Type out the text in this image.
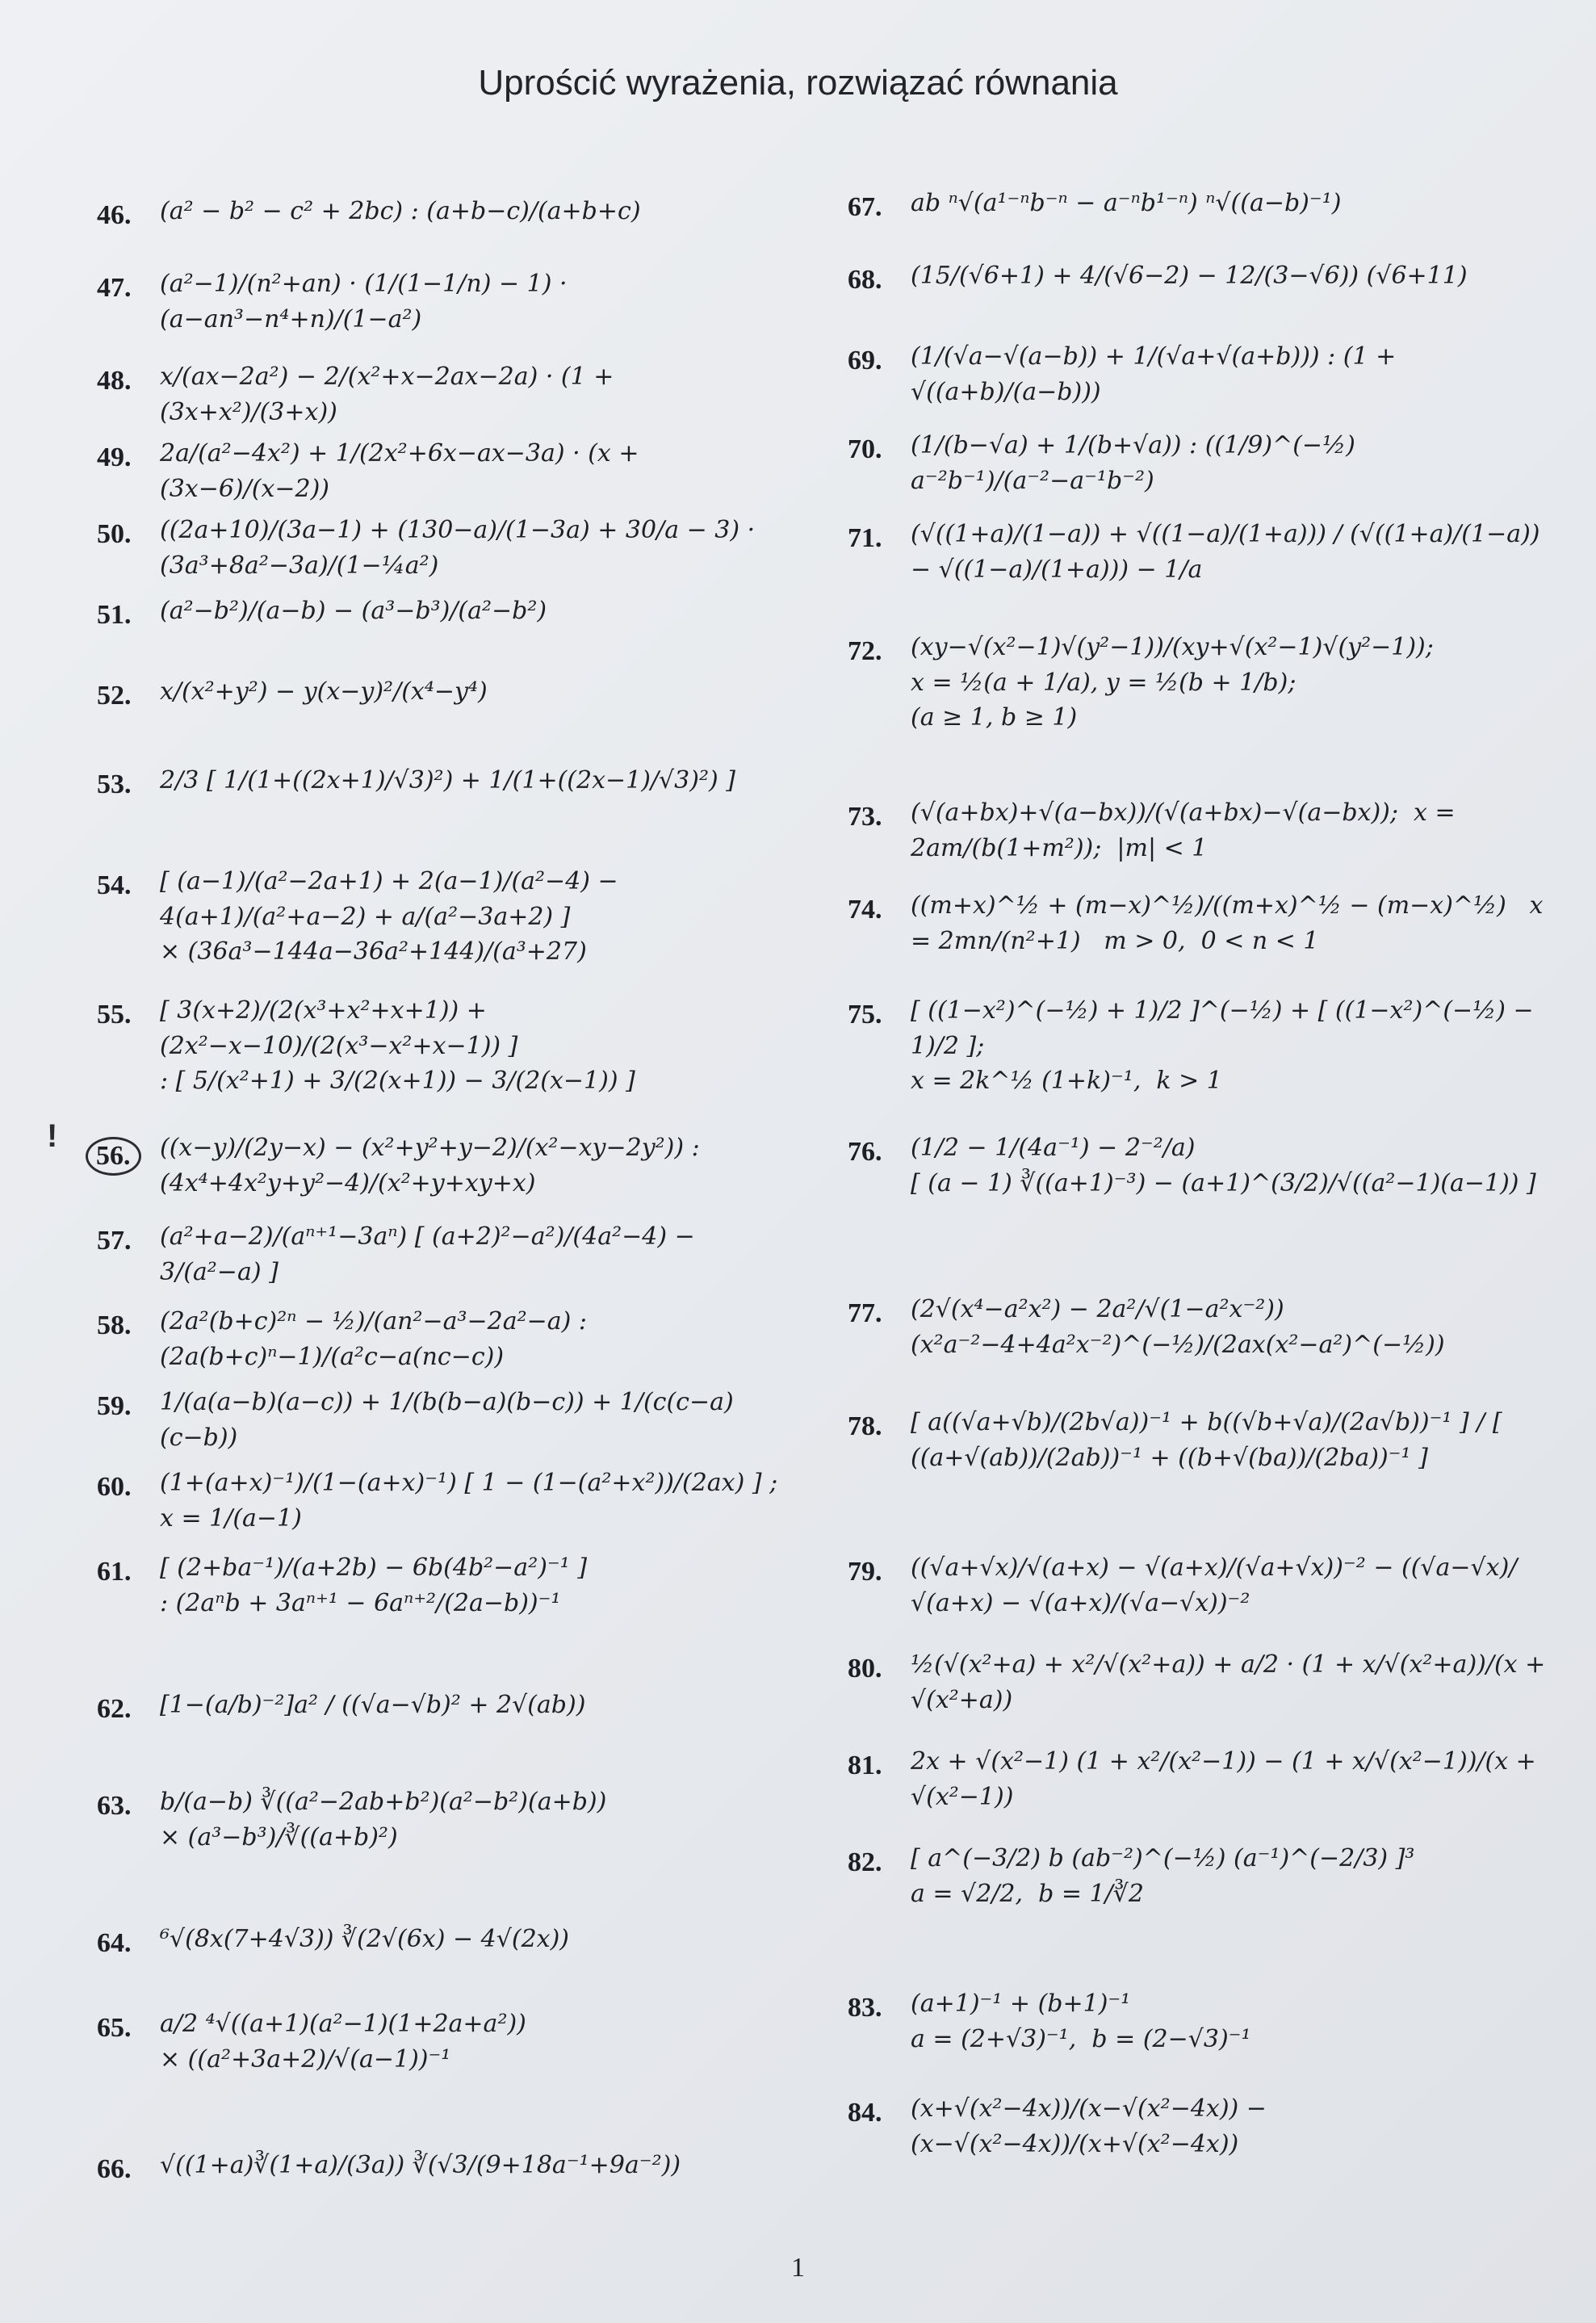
Uprościć wyrażenia, rozwiązać równania
46.	(a² − b² − c² + 2bc) : (a+b−c)/(a+b+c)
47.	(a²−1)/(n²+an) · (1/(1−1/n) − 1) · (a−an³−n⁴+n)/(1−a²)
48.	x/(ax−2a²) − 2/(x²+x−2ax−2a) · (1 + (3x+x²)/(3+x))
49.	2a/(a²−4x²) + 1/(2x²+6x−ax−3a) · (x + (3x−6)/(x−2))
50.	((2a+10)/(3a−1) + (130−a)/(1−3a) + 30/a − 3) · (3a³+8a²−3a)/(1−¼a²)
51.	(a²−b²)/(a−b) − (a³−b³)/(a²−b²)
52.	x/(x²+y²) − y(x−y)²/(x⁴−y⁴)
53.	2/3 [ 1/(1+((2x+1)/√3)²) + 1/(1+((2x−1)/√3)²) ]
54.	[ (a−1)/(a²−2a+1) + 2(a−1)/(a²−4) − 4(a+1)/(a²+a−2) + a/(a²−3a+2) ]
× (36a³−144a−36a²+144)/(a³+27)
55.	[ 3(x+2)/(2(x³+x²+x+1)) + (2x²−x−10)/(2(x³−x²+x−1)) ]
: [ 5/(x²+1) + 3/(2(x+1)) − 3/(2(x−1)) ]
56.	((x−y)/(2y−x) − (x²+y²+y−2)/(x²−xy−2y²)) : (4x⁴+4x²y+y²−4)/(x²+y+xy+x)
57.	(a²+a−2)/(aⁿ⁺¹−3aⁿ) [ (a+2)²−a²)/(4a²−4) − 3/(a²−a) ]
58.	(2a²(b+c)²ⁿ − ½)/(an²−a³−2a²−a) : (2a(b+c)ⁿ−1)/(a²c−a(nc−c))
59.	1/(a(a−b)(a−c)) + 1/(b(b−a)(b−c)) + 1/(c(c−a)(c−b))
60.	(1+(a+x)⁻¹)/(1−(a+x)⁻¹) [ 1 − (1−(a²+x²))/(2ax) ] ; x = 1/(a−1)
61.	[ (2+ba⁻¹)/(a+2b) − 6b(4b²−a²)⁻¹ ]
: (2aⁿb + 3aⁿ⁺¹ − 6aⁿ⁺²/(2a−b))⁻¹
62.	[1−(a/b)⁻²]a² / ((√a−√b)² + 2√(ab))
63.	b/(a−b) ∛((a²−2ab+b²)(a²−b²)(a+b))
× (a³−b³)/∛((a+b)²)
64.	⁶√(8x(7+4√3)) ∛(2√(6x) − 4√(2x))
65.	a/2 ⁴√((a+1)(a²−1)(1+2a+a²))
× ((a²+3a+2)/√(a−1))⁻¹
66.	√((1+a)∛(1+a)/(3a)) ∛(√3/(9+18a⁻¹+9a⁻²))
!
67.	ab ⁿ√(a¹⁻ⁿb⁻ⁿ − a⁻ⁿb¹⁻ⁿ) ⁿ√((a−b)⁻¹)
68.	(15/(√6+1) + 4/(√6−2) − 12/(3−√6)) (√6+11)
69.	(1/(√a−√(a−b)) + 1/(√a+√(a+b))) : (1 + √((a+b)/(a−b)))
70.	(1/(b−√a) + 1/(b+√a)) : ((1/9)^(−½) a⁻²b⁻¹)/(a⁻²−a⁻¹b⁻²)
71.	(√((1+a)/(1−a)) + √((1−a)/(1+a))) / (√((1+a)/(1−a)) − √((1−a)/(1+a))) − 1/a
72.	(xy−√(x²−1)√(y²−1))/(xy+√(x²−1)√(y²−1));
x = ½(a + 1/a), y = ½(b + 1/b);
(a ≥ 1, b ≥ 1)
73.	(√(a+bx)+√(a−bx))/(√(a+bx)−√(a−bx));  x = 2am/(b(1+m²));  |m| < 1
74.	((m+x)^½ + (m−x)^½)/((m+x)^½ − (m−x)^½)   x = 2mn/(n²+1)   m > 0,  0 < n < 1
75.	[ ((1−x²)^(−½) + 1)/2 ]^(−½) + [ ((1−x²)^(−½) − 1)/2 ];
x = 2k^½ (1+k)⁻¹,  k > 1
76.	(1/2 − 1/(4a⁻¹) − 2⁻²/a)
[ (a − 1) ∛((a+1)⁻³) − (a+1)^(3/2)/√((a²−1)(a−1)) ]
77.	(2√(x⁴−a²x²) − 2a²/√(1−a²x⁻²)) (x²a⁻²−4+4a²x⁻²)^(−½)/(2ax(x²−a²)^(−½))
78.	[ a((√a+√b)/(2b√a))⁻¹ + b((√b+√a)/(2a√b))⁻¹ ] / [ ((a+√(ab))/(2ab))⁻¹ + ((b+√(ba))/(2ba))⁻¹ ]
79.	((√a+√x)/√(a+x) − √(a+x)/(√a+√x))⁻² − ((√a−√x)/√(a+x) − √(a+x)/(√a−√x))⁻²
80.	½(√(x²+a) + x²/√(x²+a)) + a/2 · (1 + x/√(x²+a))/(x + √(x²+a))
81.	2x + √(x²−1) (1 + x²/(x²−1)) − (1 + x/√(x²−1))/(x + √(x²−1))
82.	[ a^(−3/2) b (ab⁻²)^(−½) (a⁻¹)^(−2/3) ]³
a = √2/2,  b = 1/∛2
83.	(a+1)⁻¹ + (b+1)⁻¹
a = (2+√3)⁻¹,  b = (2−√3)⁻¹
84.	(x+√(x²−4x))/(x−√(x²−4x)) − (x−√(x²−4x))/(x+√(x²−4x))
1
